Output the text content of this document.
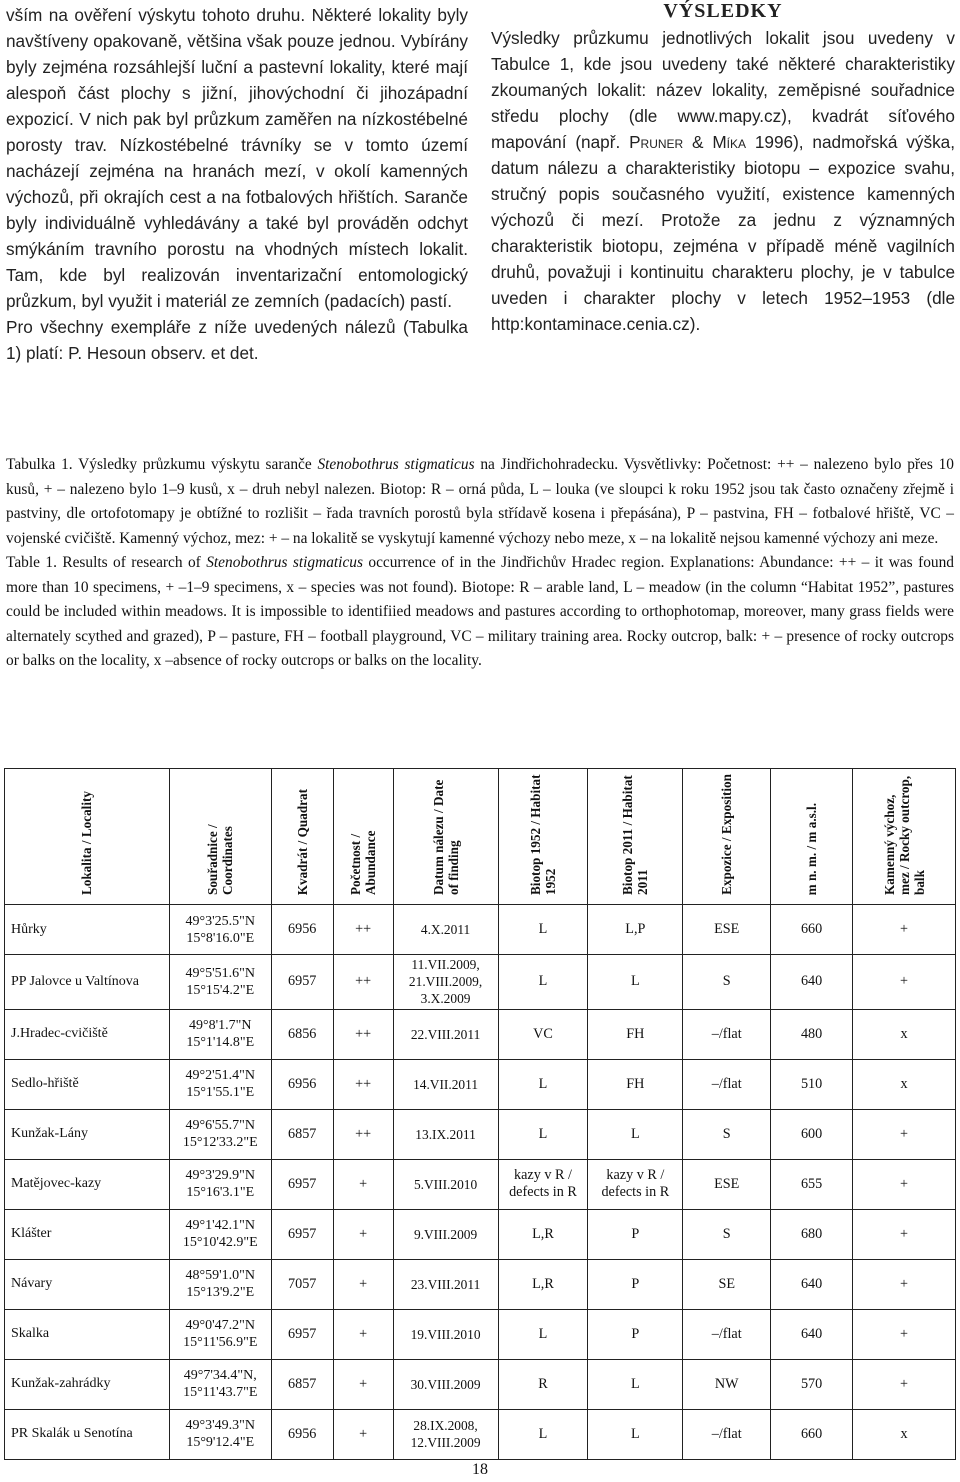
vším na ověření výskytu tohoto druhu. Některé lokality byly navštíveny opakovaně, většina však pouze jednou. Vybírány byly zejména rozsáhlejší luční a pastevní lokality, které mají alespoň část plochy s jižní, jihovýchodní či jihozápadní expozicí. V nich pak byl průzkum zaměřen na nízkostébelné porosty trav. Nízkostébelné trávníky se v tomto území nacházejí zejména na hranách mezí, v okolí kamenných výchozů, při okrajích cest a na fotbalových hřištích. Saranče byly individuálně vyhledávány a také byl prováděn odchyt smýkáním travního porostu na vhodných místech lokalit. Tam, kde byl realizován inventarizační entomologický průzkum, byl využit i materiál ze zemních (padacích) pastí.

Pro všechny exempláře z níže uvedených nálezů (Tabulka 1) platí: P. Hesoun observ. et det.

VÝSLEDKY

Výsledky průzkumu jednotlivých lokalit jsou uvedeny v Tabulce 1, kde jsou uvedeny také některé charakteristiky zkoumaných lokalit: název lokality, zeměpisné souřadnice středu plochy (dle www.mapy.cz), kvadrát síťového mapování (např. Pruner & Míka 1996), nadmořská výška, datum nálezu a charakteristiky biotopu – expozice svahu, stručný popis současného využití, existence kamenných výchozů či mezí. Protože za jednu z významných charakteristik biotopu, zejména v případě méně vagilních druhů, považuji i kontinuitu charakteru plochy, je v tabulce uveden i charakter plochy v letech 1952–1953 (dle http:kontaminace.cenia.cz).

Tabulka 1. Výsledky průzkumu výskytu saranče Stenobothrus stigmaticus na Jindřichohradecku. Vysvětlivky: Početnost: ++ – nalezeno bylo přes 10 kusů, + – nalezeno bylo 1–9 kusů, x – druh nebyl nalezen. Biotop: R – orná půda, L – louka (ve sloupci k roku 1952 jsou tak často označeny zřejmě i pastviny, dle ortofotomapy je obtížné to rozlišit – řada travních porostů byla střídavě kosena i přepásána), P – pastvina, FH – fotbalové hřiště, VC – vojenské cvičiště. Kamenný výchoz, mez: + – na lokalitě se vyskytují kamenné výchozy nebo meze, x – na lokalitě nejsou kamenné výchozy ani meze.

Table 1. Results of research of Stenobothrus stigmaticus occurrence of in the Jindřichův Hradec region. Explanations: Abundance: ++ – it was found more than 10 specimens, + –1–9 specimens, x – species was not found). Biotope: R – arable land, L – meadow (in the column “Habitat 1952”, pastures could be included within meadows. It is impossible to identifiied meadows and pastures according to orthophotomap, moreover, many grass fields were alternately scythed and grazed), P – pasture, FH – football playground, VC – military training area. Rocky outcrop, balk: + – presence of rocky outcrops or balks on the locality, x –absence of rocky outcrops or balks on the locality.

Lokalita / Locality	Souřadnice / Coordinates	Kvadrát / Quadrat	Početnost / Abundance	Datum nálezu / Date of finding	Biotop 1952 / Habitat 1952	Biotop 2011 / Habitat 2011	Expozice / Exposition	m n. m. / m a.s.l.	Kamenný výchoz, mez / Rocky outcrop, balk
Hůrky	49°3'25.5"N
15°8'16.0"E	6956	++	4.X.2011	L	L,P	ESE	660	+
PP Jalovce u Valtínova	49°5'51.6"N
15°15'4.2"E	6957	++	11.VII.2009, 21.VIII.2009, 3.X.2009	L	L	S	640	+
J.Hradec-cvičiště	49°8'1.7"N
15°1'14.8"E	6856	++	22.VIII.2011	VC	FH	–/flat	480	x
Sedlo-hřiště	49°2'51.4"N
15°1'55.1"E	6956	++	14.VII.2011	L	FH	–/flat	510	x
Kunžak-Lány	49°6'55.7"N
15°12'33.2"E	6857	++	13.IX.2011	L	L	S	600	+
Matějovec-kazy	49°3'29.9"N
15°16'3.1"E	6957	+	5.VIII.2010	kazy v R / defects in R	kazy v R / defects in R	ESE	655	+
Klášter	49°1'42.1"N
15°10'42.9"E	6957	+	9.VIII.2009	L,R	P	S	680	+
Návary	48°59'1.0"N
15°13'9.2"E	7057	+	23.VIII.2011	L,R	P	SE	640	+
Skalka	49°0'47.2"N
15°11'56.9"E	6957	+	19.VIII.2010	L	P	–/flat	640	+
Kunžak-zahrádky	49°7'34.4"N,
15°11'43.7"E	6857	+	30.VIII.2009	R	L	NW	570	+
PR Skalák u Senotína	49°3'49.3"N
15°9'12.4"E	6956	+	28.IX.2008, 12.VIII.2009	L	L	–/flat	660	x
18
